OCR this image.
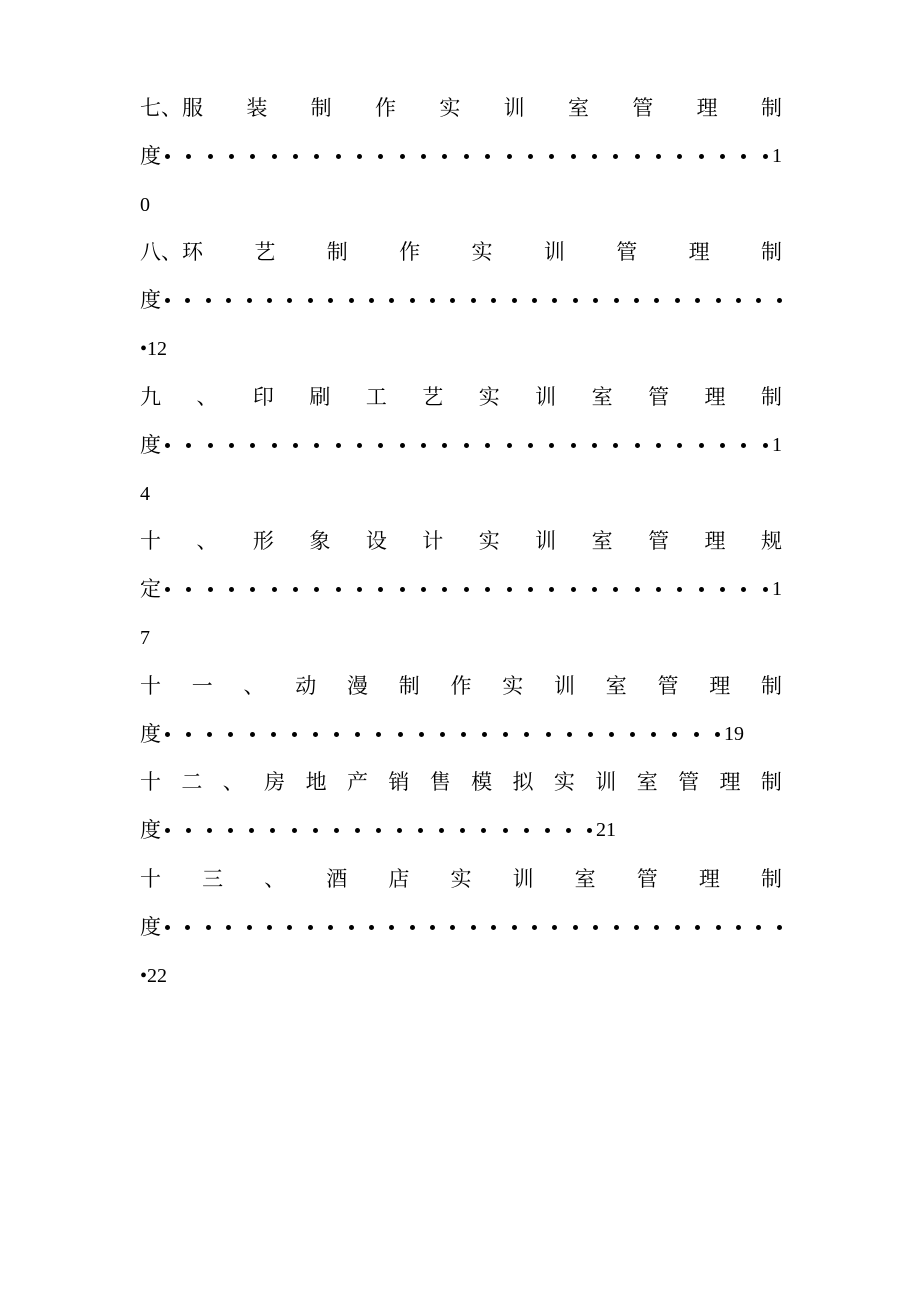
七、服 装 制 作 实 训 室 管 理 制
度	1
0
八、环 艺 制 作 实 训 管 理 制
度
•12
九 、 印 刷 工 艺 实 训 室 管 理 制
度	1
4
十 、 形 象 设 计 实 训 室 管 理 规
定	1
7
十 一 、 动 漫 制 作 实 训 室 管 理 制
度	19
十 二 、 房 地 产 销 售 模 拟 实 训 室 管 理 制
度	21
十 三 、 酒 店 实 训 室 管 理 制
度
•22
